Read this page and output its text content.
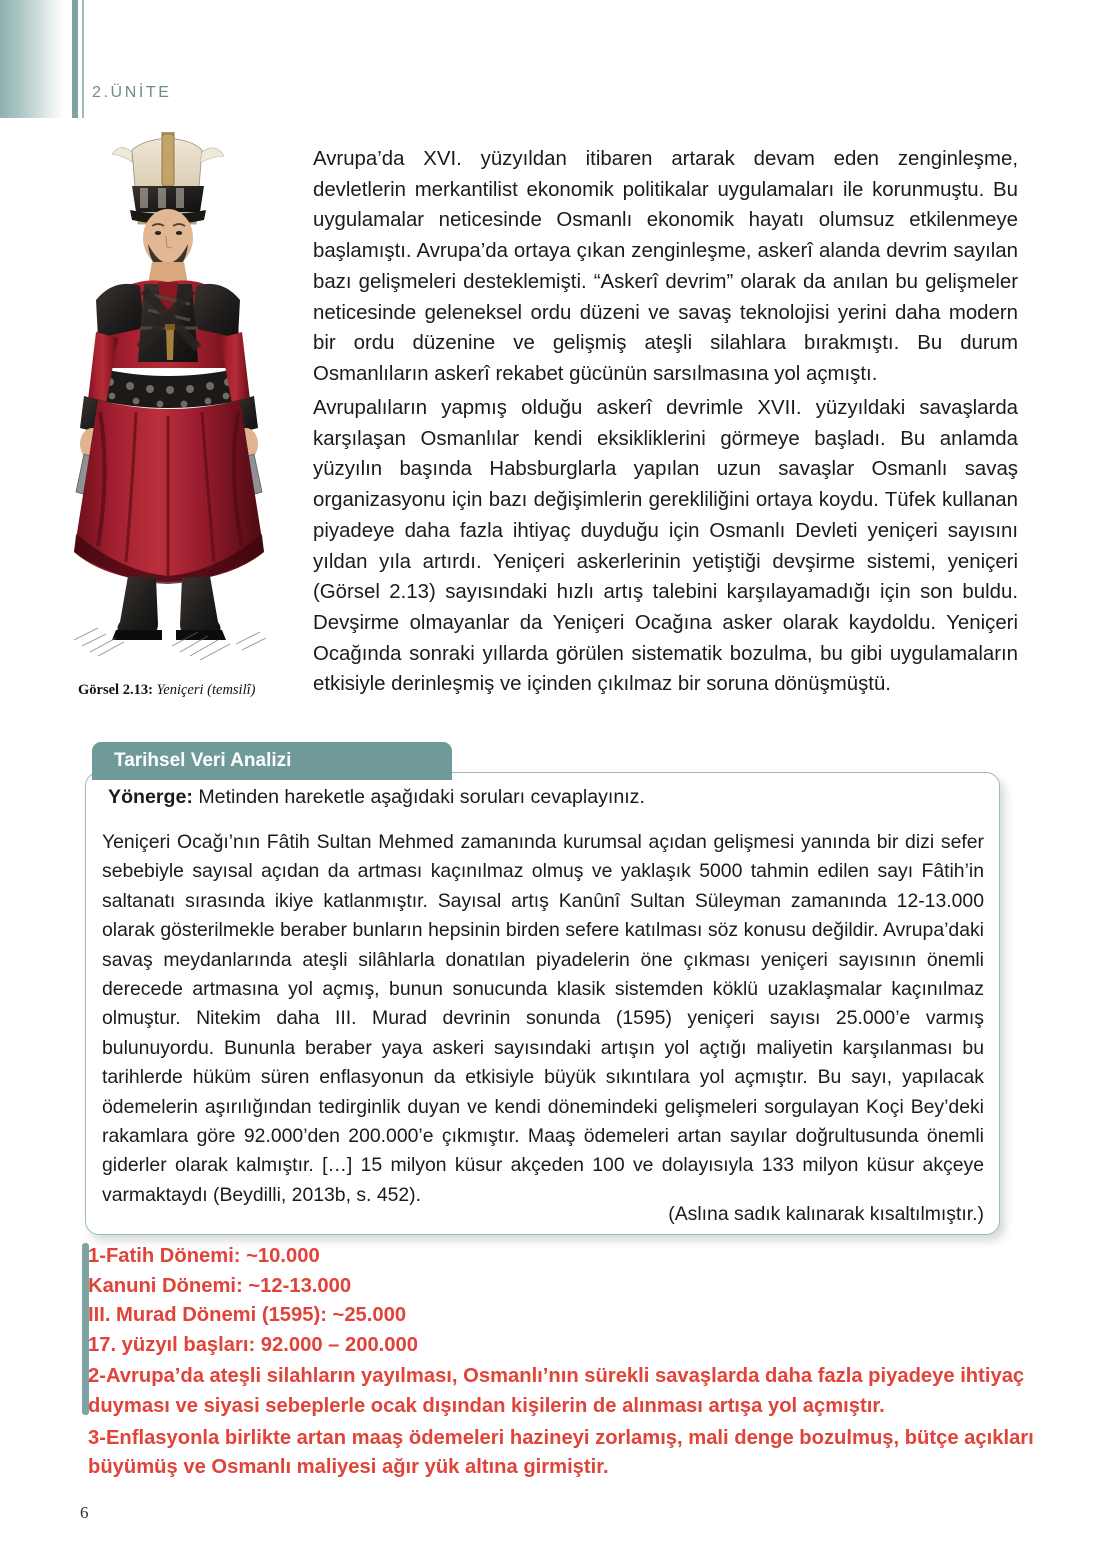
2.ÜNİTE
Görsel 2.13: Yeniçeri (temsilî)
Avrupa’da XVI. yüzyıldan itibaren artarak devam eden zenginleşme, devletlerin merkantilist ekonomik politikalar uygulamaları ile korunmuştu. Bu uygulamalar neticesinde Osmanlı ekonomik hayatı olumsuz etkilenmeye başlamıştı. Avrupa’da ortaya çıkan zenginleşme, askerî alanda devrim sayılan bazı gelişmeleri desteklemişti. “Askerî devrim” olarak da anılan bu gelişmeler neticesinde geleneksel ordu düzeni ve savaş teknolojisi yerini daha modern bir ordu düzenine ve gelişmiş ateşli silahlara bırakmıştı. Bu durum Osmanlıların askerî rekabet gücünün sarsılmasına yol açmıştı.
Avrupalıların yapmış olduğu askerî devrimle XVII. yüzyıldaki savaşlarda karşılaşan Osmanlılar kendi eksikliklerini görmeye başladı. Bu anlamda yüzyılın başında Habsburglarla yapılan uzun savaşlar Osmanlı savaş organizasyonu için bazı değişimlerin gerekliliğini ortaya koydu. Tüfek kullanan piyadeye daha fazla ihtiyaç duyduğu için Osmanlı Devleti yeniçeri sayısını yıldan yıla artırdı. Yeniçeri askerlerinin yetiştiği devşirme sistemi, yeniçeri (Görsel 2.13) sayısındaki hızlı artış talebini karşılayamadığı için son buldu. Devşirme olmayanlar da Yeniçeri Ocağına asker olarak kaydoldu. Yeniçeri Ocağında sonraki yıllarda görülen sistematik bozulma, bu gibi uygulamaların etkisiyle derinleşmiş ve içinden çıkılmaz bir soruna dönüşmüştü.
Tarihsel Veri Analizi
Yönerge: Metinden hareketle aşağıdaki soruları cevaplayınız.
Yeniçeri Ocağı’nın Fâtih Sultan Mehmed zamanında kurumsal açıdan gelişmesi yanında bir dizi sefer sebebiyle sayısal açıdan da artması kaçınılmaz olmuş ve yaklaşık 5000 tahmin edilen sayı Fâtih’in saltanatı sırasında ikiye katlanmıştır. Sayısal artış Kanûnî Sultan Süleyman zamanında 12-13.000 olarak gösterilmekle beraber bunların hepsinin birden sefere katılması söz konusu değildir. Avrupa’daki savaş meydanlarında ateşli silâhlarla donatılan piyadelerin öne çıkması yeniçeri sayısının önemli derecede artmasına yol açmış, bunun sonucunda klasik sistemden köklü uzaklaşmalar kaçınılmaz olmuştur. Nitekim daha III. Murad devrinin sonunda (1595) yeniçeri sayısı 25.000’e varmış bulunuyordu. Bununla beraber yaya askeri sayısındaki artışın yol açtığı maliyetin karşılanması bu tarihlerde hüküm süren enflasyonun da etkisiyle büyük sıkıntılara yol açmıştır. Bu sayı, yapılacak ödemelerin aşırılığından tedirginlik duyan ve kendi dönemindeki gelişmeleri sorgulayan Koçi Bey’deki rakamlara göre 92.000’den 200.000’e çıkmıştır. Maaş ödemeleri artan sayılar doğrultusunda önemli giderler olarak kalmıştır. […] 15 milyon küsur akçeden 100 ve dolayısıyla 133 milyon küsur akçeye varmaktaydı (Beydilli, 2013b, s. 452).
(Aslına sadık kalınarak kısaltılmıştır.)
1-Fatih Dönemi: ~10.000
Kanuni Dönemi: ~12-13.000
III. Murad Dönemi (1595): ~25.000
17. yüzyıl başları: 92.000 – 200.000
2-Avrupa’da ateşli silahların yayılması, Osmanlı’nın sürekli savaşlarda daha fazla piyadeye ihtiyaç duyması ve siyasi sebeplerle ocak dışından kişilerin de alınması artışa yol açmıştır.
3-Enflasyonla birlikte artan maaş ödemeleri hazineyi zorlamış, mali denge bozulmuş, bütçe açıkları büyümüş ve Osmanlı maliyesi ağır yük altına girmiştir.
6
